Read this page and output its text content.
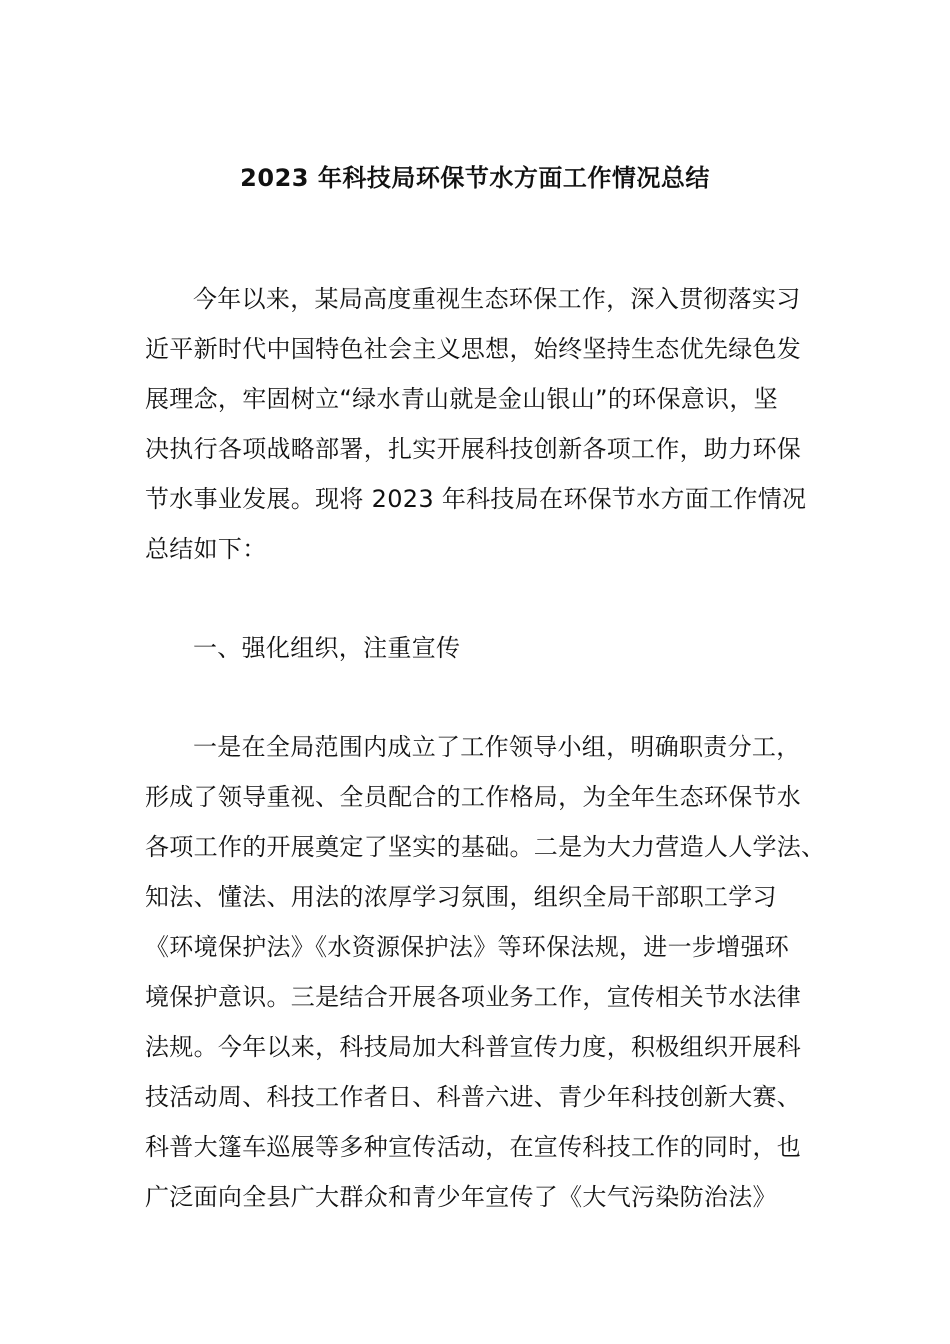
2023 年科技局环保节水方面工作情况总结
今年以来，某局高度重视生态环保工作，深入贯彻落实习
近平新时代中国特色社会主义思想，始终坚持生态优先绿色发
展理念，牢固树立“绿水青山就是金山银山”的环保意识，坚
决执行各项战略部署，扎实开展科技创新各项工作，助力环保
节水事业发展。现将 2023 年科技局在环保节水方面工作情况
总结如下：
一、强化组织，注重宣传
一是在全局范围内成立了工作领导小组，明确职责分工，
形成了领导重视、全员配合的工作格局，为全年生态环保节水
各项工作的开展奠定了坚实的基础。二是为大力营造人人学法、
知法、懂法、用法的浓厚学习氛围，组织全局干部职工学习
《环境保护法》《水资源保护法》等环保法规，进一步增强环
境保护意识。三是结合开展各项业务工作，宣传相关节水法律
法规。今年以来，科技局加大科普宣传力度，积极组织开展科
技活动周、科技工作者日、科普六进、青少年科技创新大赛、
科普大篷车巡展等多种宣传活动，在宣传科技工作的同时，也
广泛面向全县广大群众和青少年宣传了《大气污染防治法》
